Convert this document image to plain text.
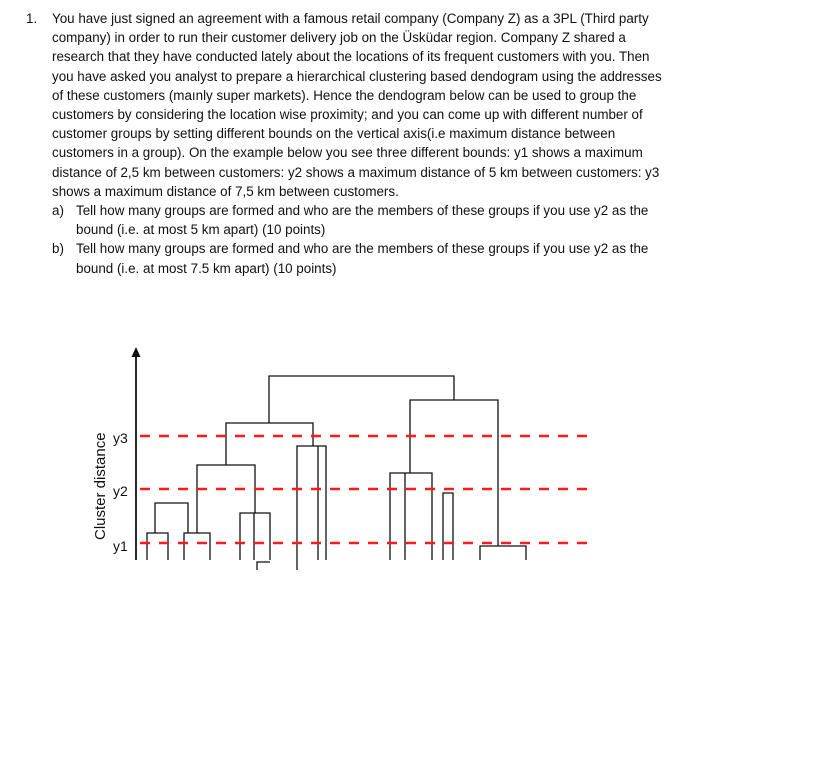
1.	You have just signed an agreement with a famous retail company (Company Z) as a 3PL (Third party company) in order to run their customer delivery job on the Üsküdar region. Company Z shared a research that they have conducted lately about the locations of its frequent customers with you. Then you have asked you analyst to prepare a hierarchical clustering based dendogram using the addresses of these customers (maınly super markets). Hence the dendogram below can be used to group the customers by considering the location wise proximity; and you can come up with different number of customer groups by setting different bounds on the vertical axis(i.e maximum distance between customers in a group). On the example below you see three different bounds: y1 shows a maximum distance of 2,5 km between customers: y2 shows a maximum distance of 5 km between customers: y3 shows a maximum distance of 7,5 km between customers.

a) Tell how many groups are formed and who are the members of these groups if you use y2 as the bound (i.e. at most 5 km apart) (10 points)
b) Tell how many groups are formed and who are the members of these groups if you use y2 as the bound (i.e. at most 7.5 km apart) (10 points)
Cluster distance y3
y2
y1
